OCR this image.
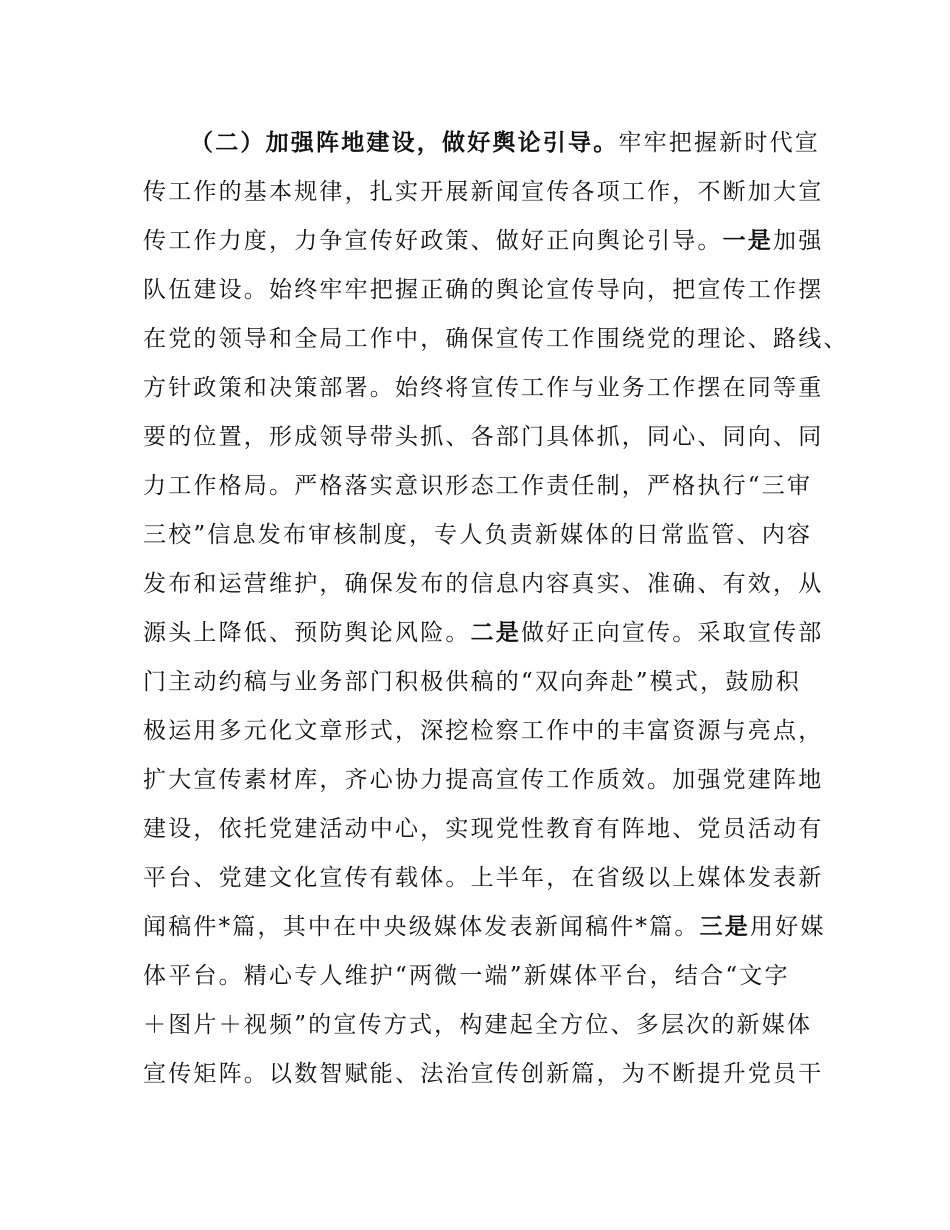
（二）加强阵地建设，做好舆论引导。牢牢把握新时代宣
传工作的基本规律，扎实开展新闻宣传各项工作，不断加大宣
传工作力度，力争宣传好政策、做好正向舆论引导。一是加强
队伍建设。始终牢牢把握正确的舆论宣传导向，把宣传工作摆
在党的领导和全局工作中，确保宣传工作围绕党的理论、路线、
方针政策和决策部署。始终将宣传工作与业务工作摆在同等重
要的位置，形成领导带头抓、各部门具体抓，同心、同向、同
力工作格局。严格落实意识形态工作责任制，严格执行“三审
三校”信息发布审核制度，专人负责新媒体的日常监管、内容
发布和运营维护，确保发布的信息内容真实、准确、有效，从
源头上降低、预防舆论风险。二是做好正向宣传。采取宣传部
门主动约稿与业务部门积极供稿的“双向奔赴”模式，鼓励积
极运用多元化文章形式，深挖检察工作中的丰富资源与亮点，
扩大宣传素材库，齐心协力提高宣传工作质效。加强党建阵地
建设，依托党建活动中心，实现党性教育有阵地、党员活动有
平台、党建文化宣传有载体。上半年，在省级以上媒体发表新
闻稿件*篇，其中在中央级媒体发表新闻稿件*篇。三是用好媒
体平台。精心专人维护“两微一端”新媒体平台，结合“文字
＋图片＋视频”的宣传方式，构建起全方位、多层次的新媒体
宣传矩阵。以数智赋能、法治宣传创新篇，为不断提升党员干
